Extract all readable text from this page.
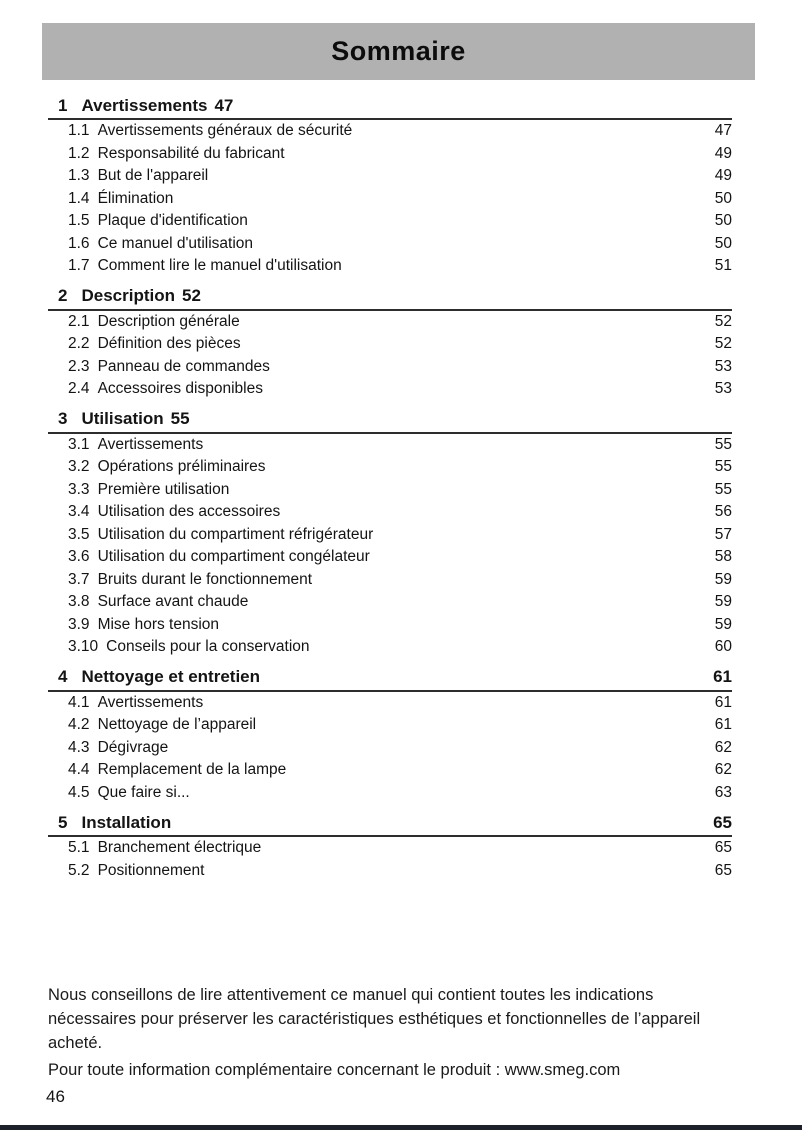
Sommaire
1 Avertissements 47
1.1 Avertissements généraux de sécurité	47
1.2 Responsabilité du fabricant	49
1.3 But de l'appareil	49
1.4 Élimination	50
1.5 Plaque d'identification	50
1.6 Ce manuel d'utilisation	50
1.7 Comment lire le manuel d'utilisation	51
2 Description 52
2.1 Description générale	52
2.2 Définition des pièces	52
2.3 Panneau de commandes	53
2.4 Accessoires disponibles	53
3 Utilisation 55
3.1 Avertissements	55
3.2 Opérations préliminaires	55
3.3 Première utilisation	55
3.4 Utilisation des accessoires	56
3.5 Utilisation du compartiment réfrigérateur	57
3.6 Utilisation du compartiment congélateur	58
3.7 Bruits durant le fonctionnement	59
3.8 Surface avant chaude	59
3.9 Mise hors tension	59
3.10 Conseils pour la conservation	60
4 Nettoyage et entretien	61
4.1 Avertissements	61
4.2 Nettoyage de l’appareil	61
4.3 Dégivrage	62
4.4 Remplacement de la lampe	62
4.5 Que faire si...	63
5 Installation	65
5.1 Branchement électrique	65
5.2 Positionnement	65

Nous conseillons de lire attentivement ce manuel qui contient toutes les indications nécessaires pour préserver les caractéristiques esthétiques et fonctionnelles de l’appareil acheté.

Pour toute information complémentaire concernant le produit : www.smeg.com

46
